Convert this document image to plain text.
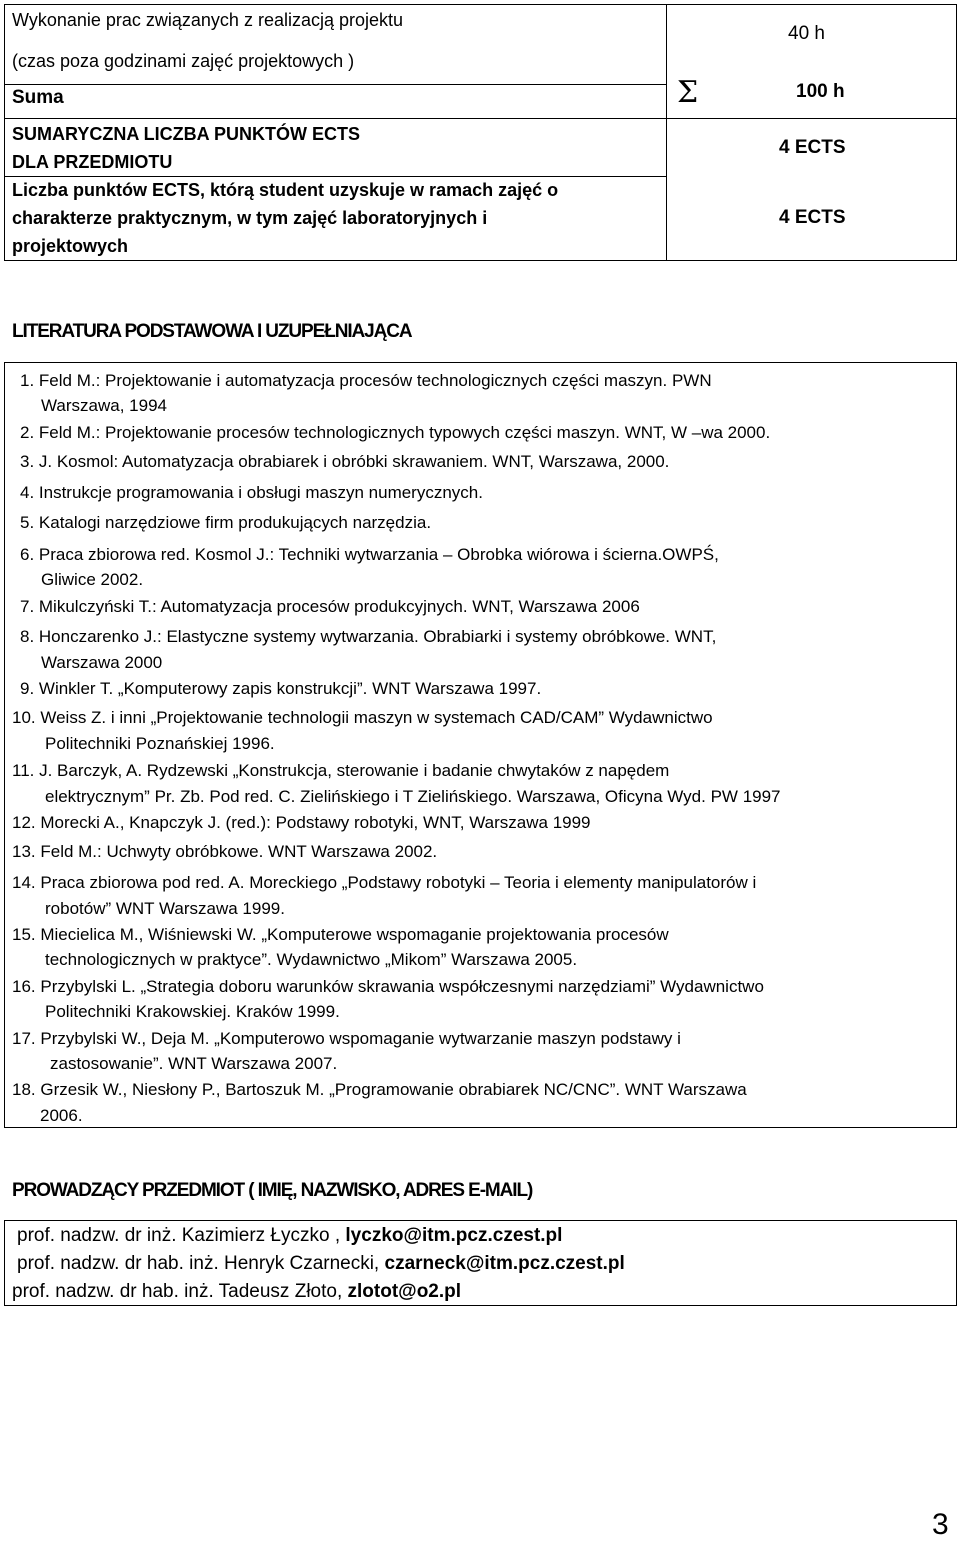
Wykonanie prac związanych z realizacją projektu
(czas poza godzinami zajęć projektowych )
40 h
Suma	Σ	100 h
SUMARYCZNA LICZBA PUNKTÓW ECTS
DLA PRZEDMIOTU
4 ECTS
Liczba punktów ECTS, którą student uzyskuje w ramach zajęć o
charakterze praktycznym, w tym zajęć laboratoryjnych i
projektowych
4 ECTS
LITERATURA PODSTAWOWA I UZUPEŁNIAJĄCA
1. Feld M.: Projektowanie i automatyzacja procesów technologicznych części maszyn. PWN
Warszawa, 1994
2. Feld M.: Projektowanie procesów technologicznych typowych części maszyn. WNT, W –wa 2000.
3. J. Kosmol: Automatyzacja obrabiarek i obróbki skrawaniem. WNT, Warszawa, 2000.
4. Instrukcje programowania i obsługi maszyn numerycznych.
5. Katalogi narzędziowe firm produkujących narzędzia.
6. Praca zbiorowa red. Kosmol J.: Techniki wytwarzania – Obrobka wiórowa i ścierna.OWPŚ,
Gliwice 2002.
7. Mikulczyński T.: Automatyzacja procesów produkcyjnych. WNT, Warszawa 2006
8. Honczarenko J.: Elastyczne systemy wytwarzania. Obrabiarki i systemy obróbkowe. WNT,
Warszawa 2000
9. Winkler T. „Komputerowy zapis konstrukcji”. WNT Warszawa 1997.
10. Weiss Z. i inni „Projektowanie technologii maszyn w systemach CAD/CAM” Wydawnictwo
Politechniki Poznańskiej 1996.
11. J. Barczyk, A. Rydzewski „Konstrukcja, sterowanie i badanie chwytaków z napędem
elektrycznym” Pr. Zb. Pod red. C. Zielińskiego i T Zielińskiego. Warszawa, Oficyna Wyd. PW 1997
12. Morecki A., Knapczyk J. (red.): Podstawy robotyki, WNT, Warszawa 1999
13. Feld M.: Uchwyty obróbkowe. WNT Warszawa 2002.
14. Praca zbiorowa pod red. A. Moreckiego „Podstawy robotyki – Teoria i elementy manipulatorów i
robotów” WNT Warszawa 1999.
15. Miecielica M., Wiśniewski W. „Komputerowe wspomaganie projektowania procesów
technologicznych w praktyce”. Wydawnictwo „Mikom” Warszawa 2005.
16. Przybylski L. „Strategia doboru warunków skrawania współczesnymi narzędziami” Wydawnictwo
Politechniki Krakowskiej. Kraków 1999.
17. Przybylski W., Deja M. „Komputerowo wspomaganie wytwarzanie maszyn podstawy i
zastosowanie”. WNT Warszawa 2007.
18. Grzesik W., Niesłony P., Bartoszuk M. „Programowanie obrabiarek NC/CNC”. WNT Warszawa
2006.
PROWADZĄCY PRZEDMIOT ( IMIĘ, NAZWISKO, ADRES E-MAIL)
prof. nadzw. dr inż. Kazimierz Łyczko , lyczko@itm.pcz.czest.pl
prof. nadzw. dr hab. inż. Henryk Czarnecki, czarneck@itm.pcz.czest.pl
prof. nadzw. dr hab. inż. Tadeusz Złoto, zlotot@o2.pl
3
